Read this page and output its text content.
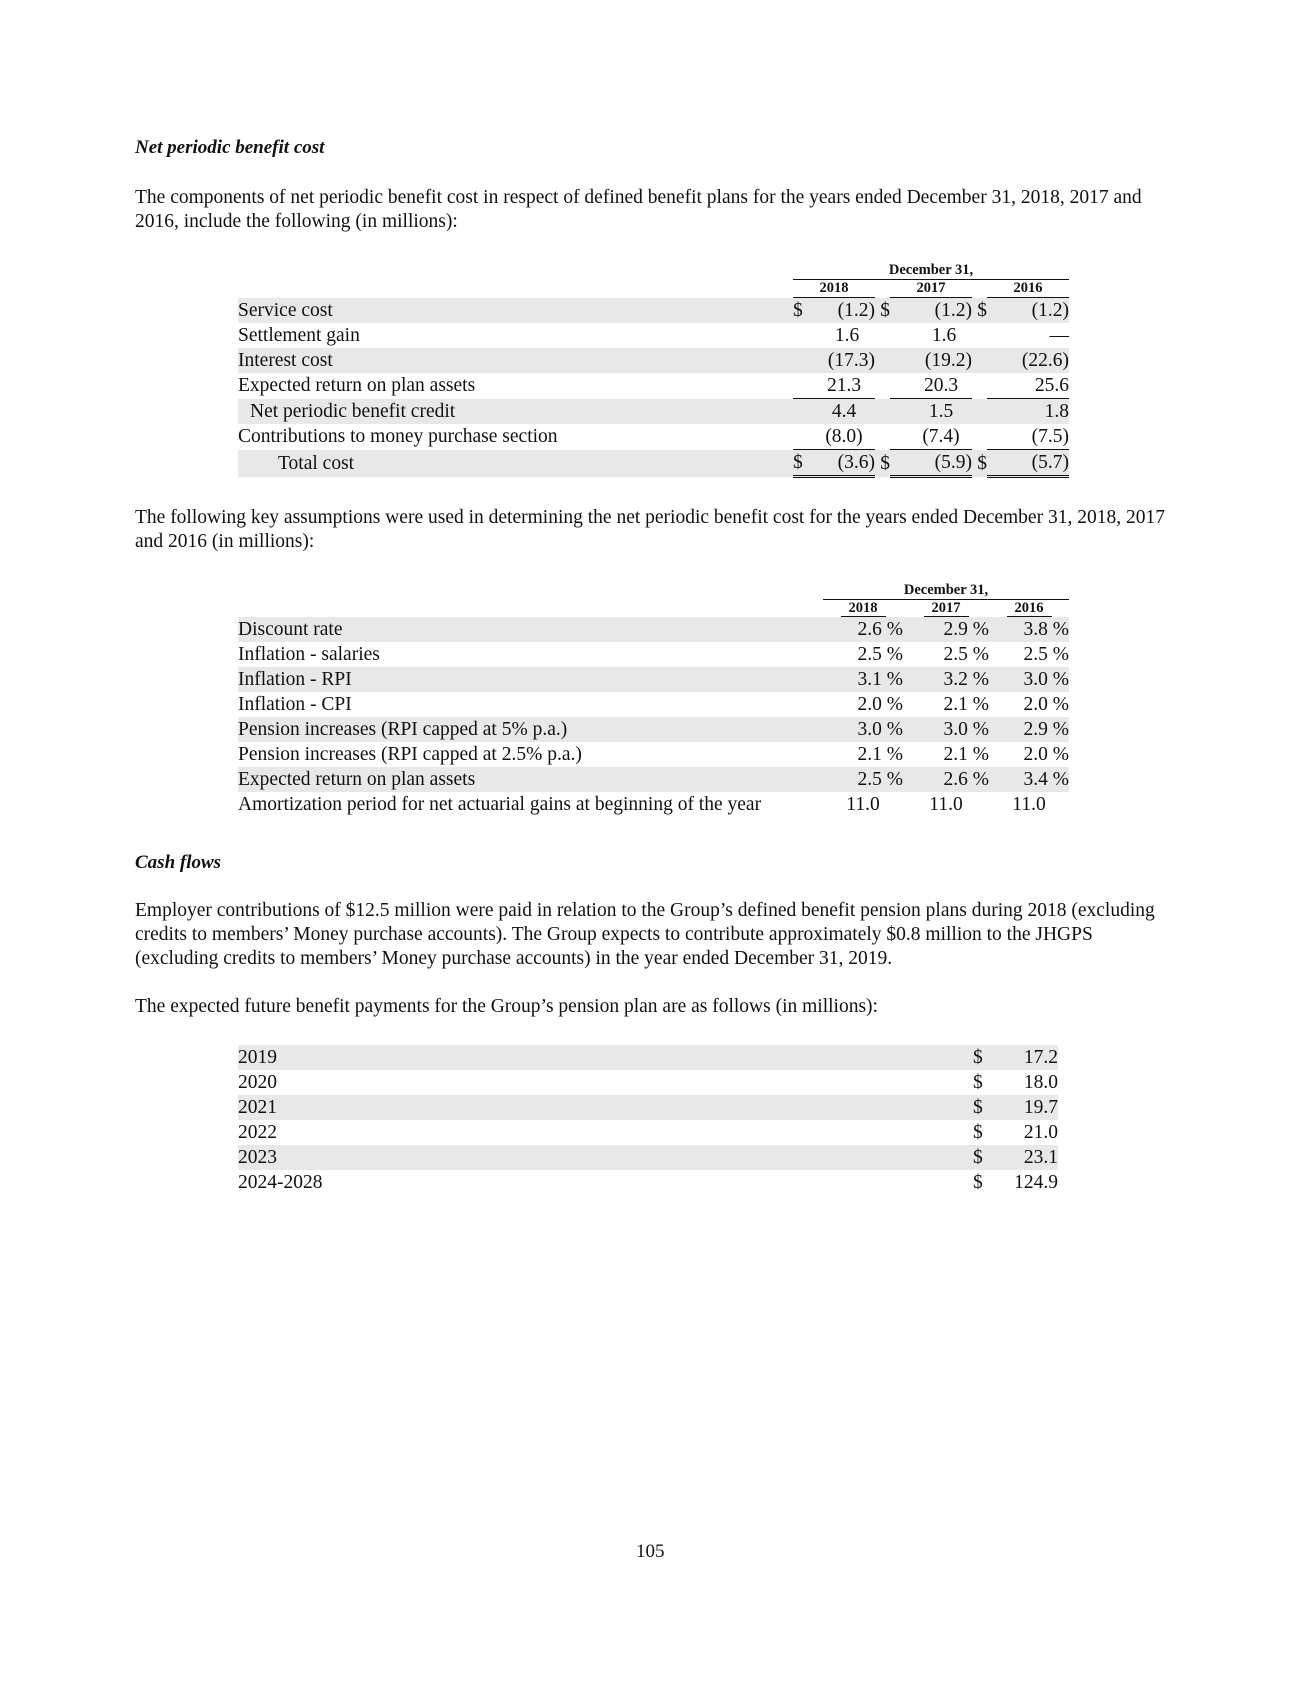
Net periodic benefit cost
The components of net periodic benefit cost in respect of defined benefit plans for the years ended December 31, 2018, 2017 and 2016, include the following (in millions):
	December 31,							
	2018			2017			2016	
Service cost	$	(1.2)	$		(1.2)	$		(1.2)
Settlement gain		1.6			1.6			—
Interest cost		(17.3)			(19.2)			(22.6)
Expected return on plan assets		21.3			20.3			25.6
Net periodic benefit credit		4.4			1.5			1.8
Contributions to money purchase section		(8.0)			(7.4)			(7.5)
Total cost	$	(3.6)	$		(5.9)	$		(5.7)
The following key assumptions were used in determining the net periodic benefit cost for the years ended December 31, 2018, 2017 and 2016 (in millions):
	December 31,		
	2018	2017	2016
Discount rate	2.6 %	2.9 %	3.8 %
Inflation - salaries	2.5 %	2.5 %	2.5 %
Inflation - RPI	3.1 %	3.2 %	3.0 %
Inflation - CPI	2.0 %	2.1 %	2.0 %
Pension increases (RPI capped at 5% p.a.)	3.0 %	3.0 %	2.9 %
Pension increases (RPI capped at 2.5% p.a.)	2.1 %	2.1 %	2.0 %
Expected return on plan assets	2.5 %	2.6 %	3.4 %
Amortization period for net actuarial gains at beginning of the year	11.0	11.0	11.0
Cash flows
Employer contributions of $12.5 million were paid in relation to the Group’s defined benefit pension plans during 2018 (excluding credits to members’ Money purchase accounts). The Group expects to contribute approximately $0.8 million to the JHGPS (excluding credits to members’ Money purchase accounts) in the year ended December 31, 2019.
The expected future benefit payments for the Group’s pension plan are as follows (in millions):
2019	$	17.2
2020	$	18.0
2021	$	19.7
2022	$	21.0
2023	$	23.1
2024-2028	$	124.9
105
